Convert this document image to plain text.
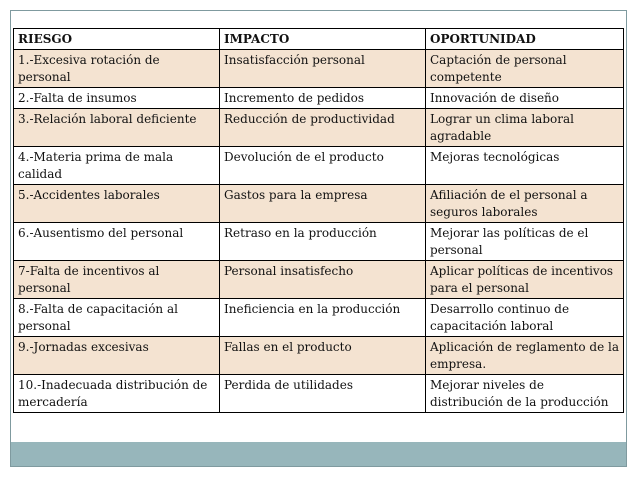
RIESGO	IMPACTO	OPORTUNIDAD
1.-Excesiva rotación de personal	Insatisfacción personal	Captación de personal competente
2.-Falta de insumos	Incremento de pedidos	Innovación de diseño
3.-Relación laboral deficiente	Reducción de productividad	Lograr un clima laboral agradable
4.-Materia prima de mala calidad	Devolución de el producto	Mejoras tecnológicas
5.-Accidentes laborales	Gastos para la empresa	Afiliación de el personal a seguros laborales
6.-Ausentismo del personal	Retraso en la producción	Mejorar las políticas de el personal
7-Falta de incentivos al personal	Personal insatisfecho	Aplicar políticas de incentivos para el personal
8.-Falta de capacitación al personal	Ineficiencia en la producción	Desarrollo continuo de capacitación laboral
9.-Jornadas excesivas	Fallas en el producto	Aplicación de reglamento de la empresa.
10.-Inadecuada distribución de mercadería	Perdida de utilidades	Mejorar niveles de distribución de la producción
